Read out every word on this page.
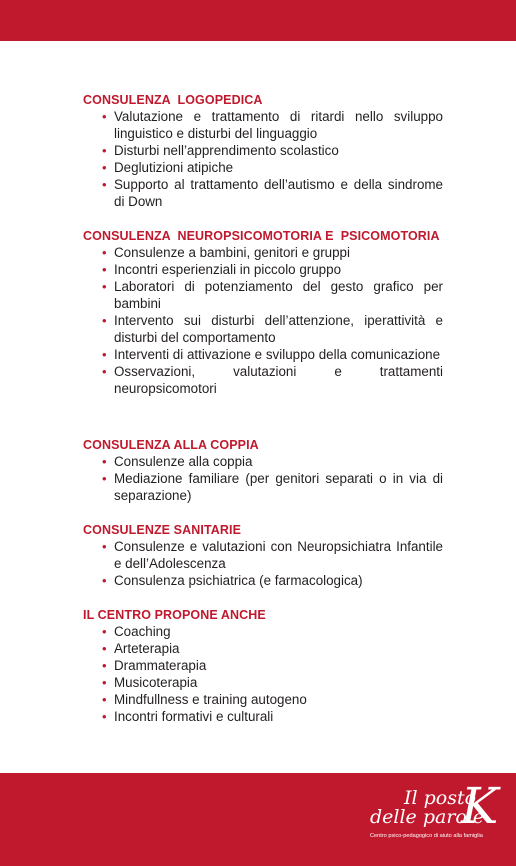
CONSULENZA  LOGOPEDICA

• Valutazione e trattamento di ritardi nello sviluppo linguistico e disturbi del linguaggio
• Disturbi nell’apprendimento scolastico
• Deglutizioni atipiche
• Supporto al trattamento dell’autismo e della sindrome di Down

CONSULENZA  NEUROPSICOMOTORIA E  PSICOMOTORIA

• Consulenze a bambini, genitori e gruppi
• Incontri esperienziali in piccolo gruppo
• Laboratori di potenziamento del gesto grafico per bambini
• Intervento sui disturbi dell’attenzione, iperattività e disturbi del comportamento
• Interventi di attivazione e sviluppo della comunicazione
• Osservazioni, valutazioni e trattamenti neuropsicomotori

CONSULENZA ALLA COPPIA

• Consulenze alla coppia
• Mediazione familiare (per genitori separati o in via di separazione)

CONSULENZE SANITARIE

• Consulenze e valutazioni con Neuropsichiatra Infantile e dell’Adolescenza
• Consulenza psichiatrica (e farmacologica)

IL CENTRO PROPONE ANCHE

• Coaching
• Arteterapia
• Drammaterapia
• Musicoterapia
• Mindfullness e training autogeno
• Incontri formativi e culturali
Il posto
delle parole
K
Centro psico-pedagogico di aiuto alla famiglia
